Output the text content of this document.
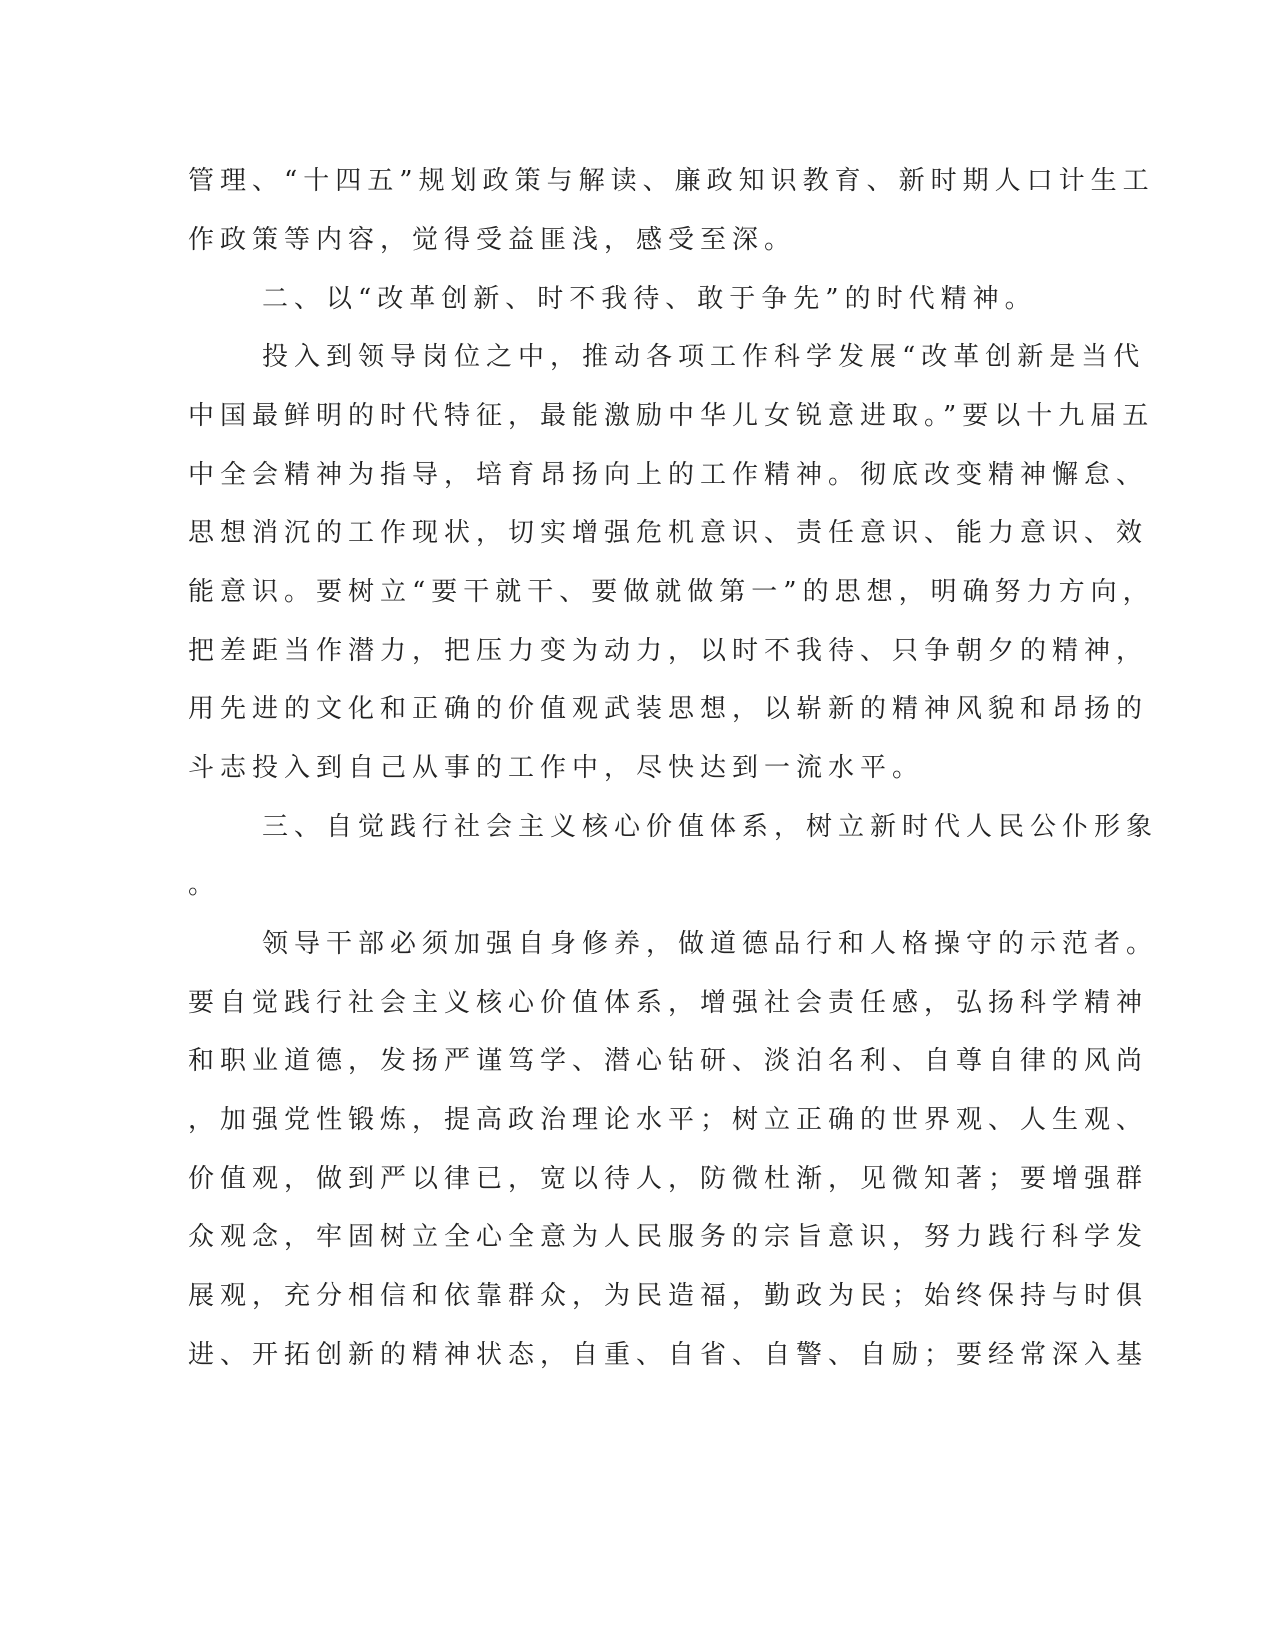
管理、“十四五”规划政策与解读、廉政知识教育、新时期人口计生工

作政策等内容，觉得受益匪浅，感受至深。

二、以“改革创新、时不我待、敢于争先”的时代精神。

投入到领导岗位之中，推动各项工作科学发展“改革创新是当代

中国最鲜明的时代特征，最能激励中华儿女锐意进取。”要以十九届五

中全会精神为指导，培育昂扬向上的工作精神。彻底改变精神懈怠、

思想消沉的工作现状，切实增强危机意识、责任意识、能力意识、效

能意识。要树立“要干就干、要做就做第一”的思想，明确努力方向，

把差距当作潜力，把压力变为动力，以时不我待、只争朝夕的精神，

用先进的文化和正确的价值观武装思想，以崭新的精神风貌和昂扬的

斗志投入到自己从事的工作中，尽快达到一流水平。

三、自觉践行社会主义核心价值体系，树立新时代人民公仆形象

。

领导干部必须加强自身修养，做道德品行和人格操守的示范者。

要自觉践行社会主义核心价值体系，增强社会责任感，弘扬科学精神

和职业道德，发扬严谨笃学、潜心钻研、淡泊名利、自尊自律的风尚

，加强党性锻炼，提高政治理论水平；树立正确的世界观、人生观、

价值观，做到严以律已，宽以待人，防微杜渐，见微知著；要增强群

众观念，牢固树立全心全意为人民服务的宗旨意识，努力践行科学发

展观，充分相信和依靠群众，为民造福，勤政为民；始终保持与时俱

进、开拓创新的精神状态，自重、自省、自警、自励；要经常深入基
